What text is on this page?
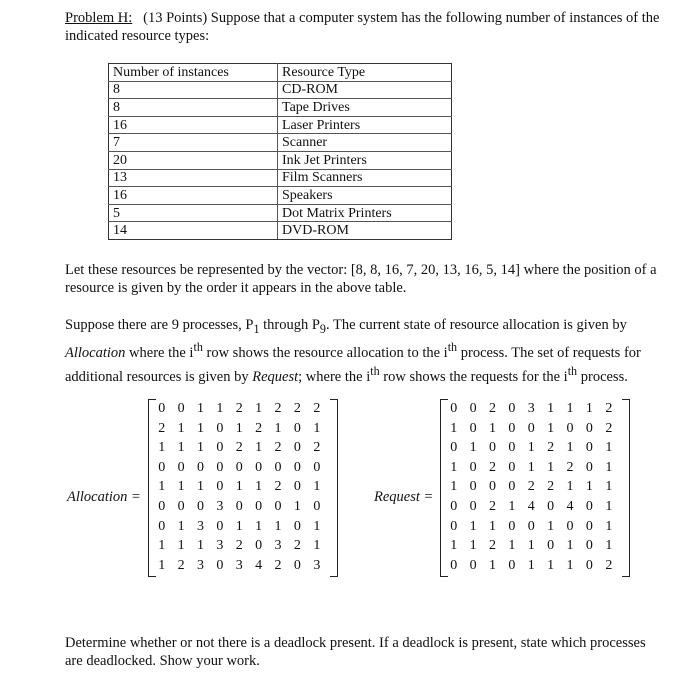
Problem H: (13 Points) Suppose that a computer system has the following number of instances of the indicated resource types:
Number of instances	Resource Type
8	CD-ROM
8	Tape Drives
16	Laser Printers
7	Scanner
20	Ink Jet Printers
13	Film Scanners
16	Speakers
5	Dot Matrix Printers
14	DVD-ROM
Let these resources be represented by the vector: [8, 8, 16, 7, 20, 13, 16, 5, 14] where the position of a resource is given by the order it appears in the above table.
Suppose there are 9 processes, $P_1$ through $P_9$. The current state of resource allocation is given by Allocation where the $i^{th}$ row shows the resource allocation to the $i^{th}$ process. The set of requests for additional resources is given by Request; where the $i^{th}$ row shows the requests for the $i^{th}$ process.
Allocation =
0 0 1 1 2 1 2 2 2
2 1 1 0 1 2 1 0 1
1 1 1 0 2 1 2 0 2
0 0 0 0 0 0 0 0 0
1 1 1 0 1 1 2 0 1
0 0 0 3 0 0 0 1 0
0 1 3 0 1 1 1 0 1
1 1 1 3 2 0 3 2 1
1 2 3 0 3 4 2 0 3
Request =
0 0 2 0 3 1 1 1 2
1 0 1 0 0 1 0 0 2
0 1 0 0 1 2 1 0 1
1 0 2 0 1 1 2 0 1
1 0 0 0 2 2 1 1 1
0 0 2 1 4 0 4 0 1
0 1 1 0 0 1 0 0 1
1 1 2 1 1 0 1 0 1
0 0 1 0 1 1 1 0 2
Determine whether or not there is a deadlock present. If a deadlock is present, state which processes are deadlocked. Show your work.
